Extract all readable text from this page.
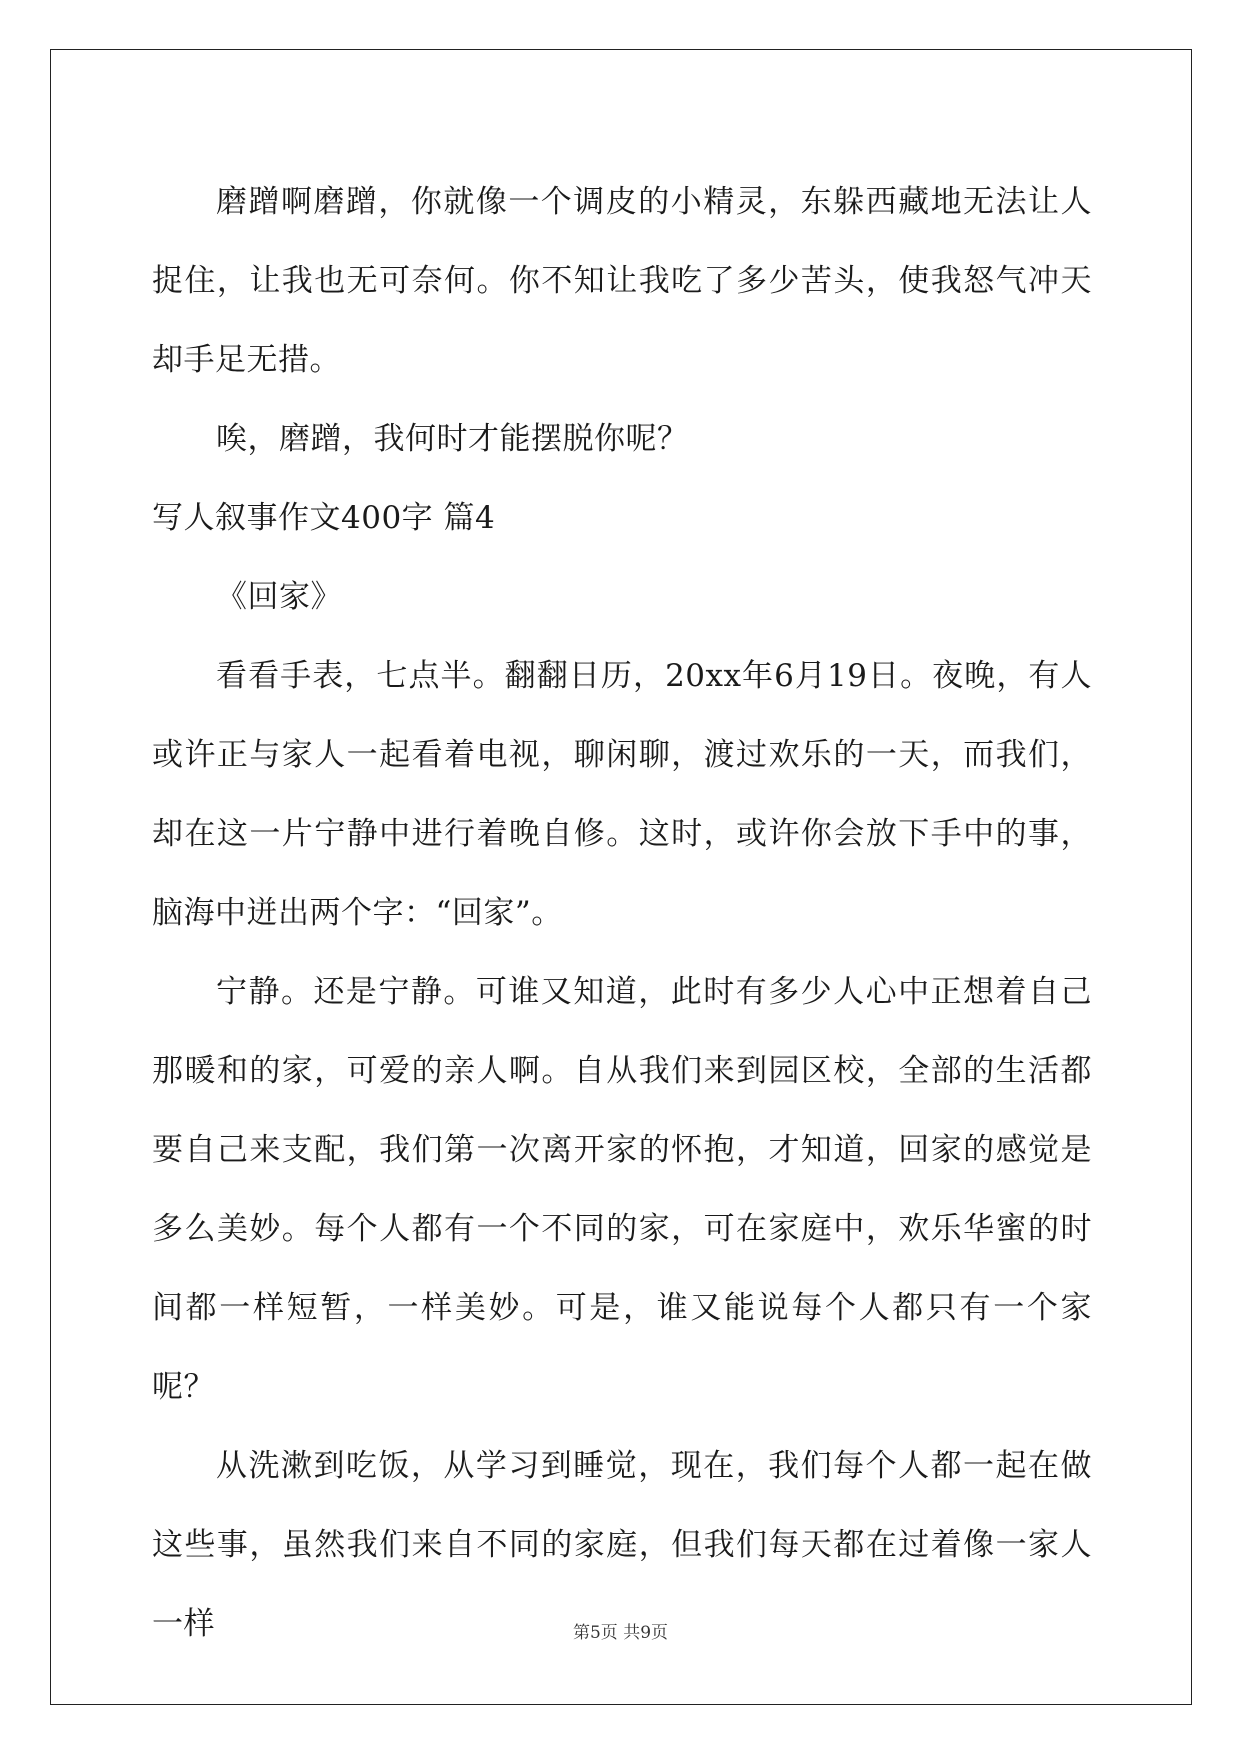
磨蹭啊磨蹭，你就像一个调皮的小精灵，东躲西藏地无法让人捉住，让我也无可奈何。你不知让我吃了多少苦头，使我怒气冲天却手足无措。

唉，磨蹭，我何时才能摆脱你呢？

写人叙事作文400字 篇4

《回家》

看看手表，七点半。翻翻日历，20xx年6月19日。夜晚，有人或许正与家人一起看着电视，聊闲聊，渡过欢乐的一天，而我们，却在这一片宁静中进行着晚自修。这时，或许你会放下手中的事，脑海中迸出两个字：“回家”。

宁静。还是宁静。可谁又知道，此时有多少人心中正想着自己那暖和的家，可爱的亲人啊。自从我们来到园区校，全部的生活都要自己来支配，我们第一次离开家的怀抱，才知道，回家的感觉是多么美妙。每个人都有一个不同的家，可在家庭中，欢乐华蜜的时间都一样短暂，一样美妙。可是，谁又能说每个人都只有一个家呢？

从洗漱到吃饭，从学习到睡觉，现在，我们每个人都一起在做这些事，虽然我们来自不同的家庭，但我们每天都在过着像一家人一样	第5页 共9页
